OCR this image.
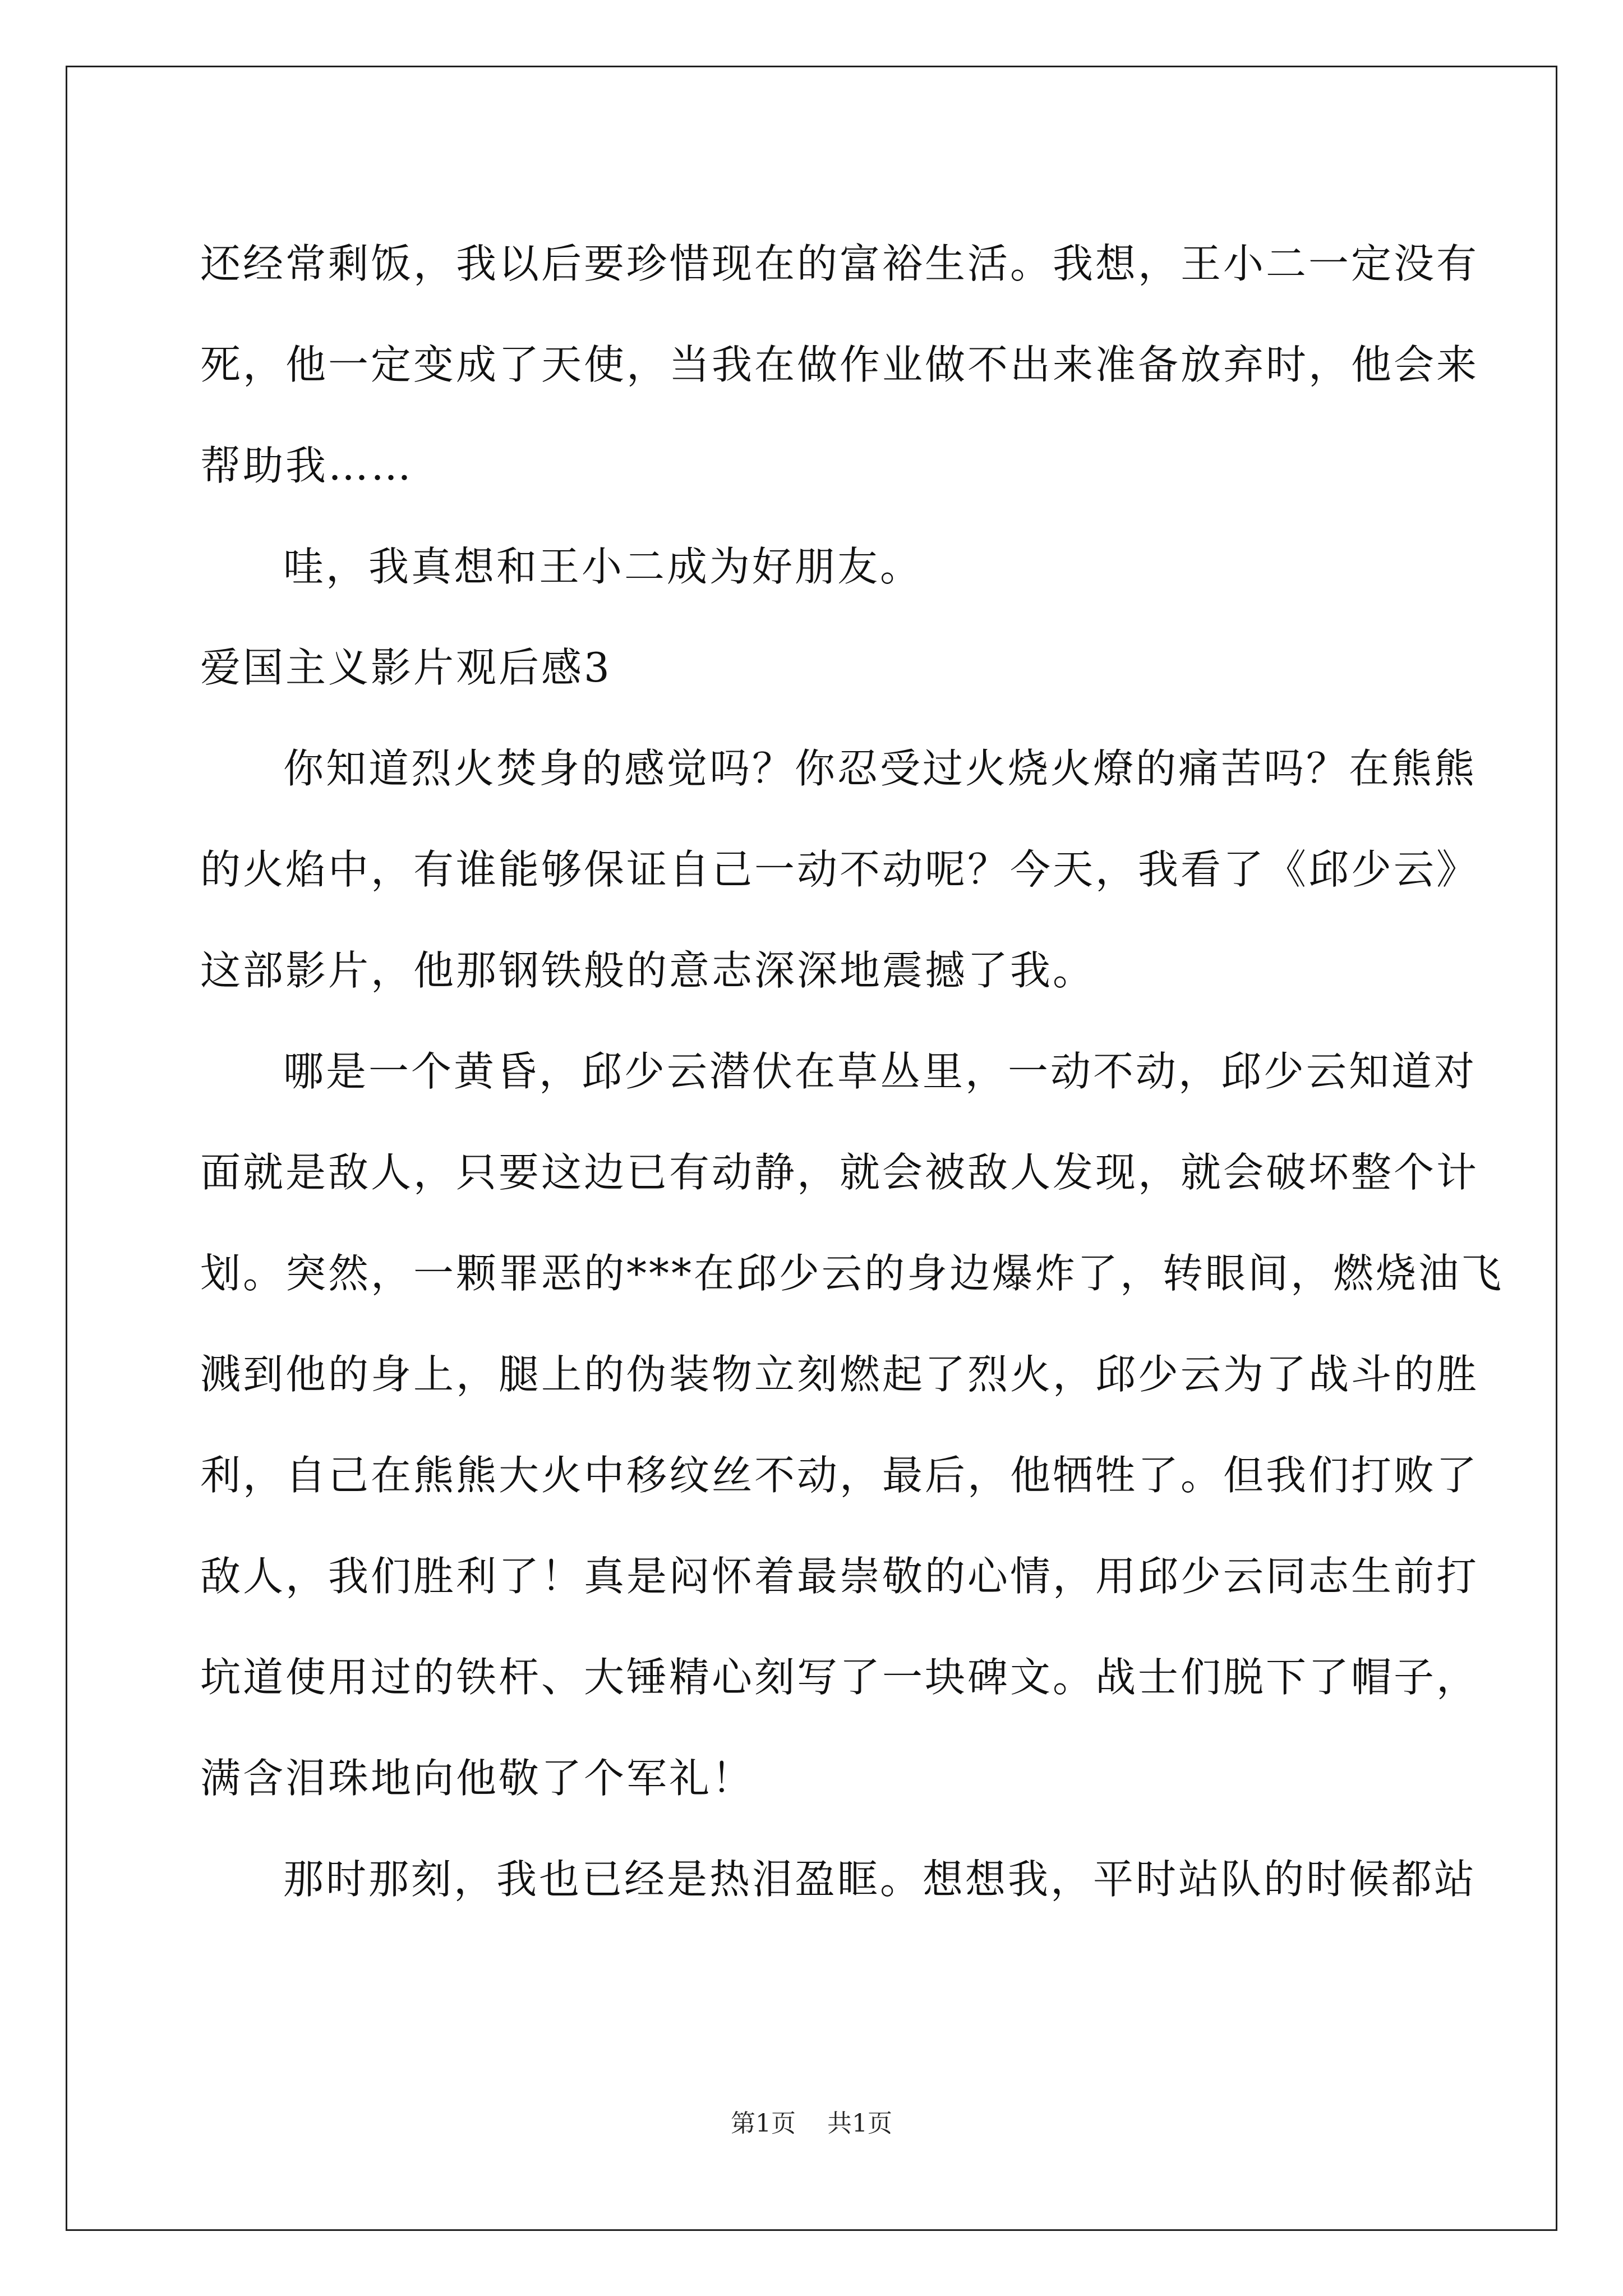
还经常剩饭，我以后要珍惜现在的富裕生活。我想，王小二一定没有
死，他一定变成了天使，当我在做作业做不出来准备放弃时，他会来
帮助我……
哇，我真想和王小二成为好朋友。
爱国主义影片观后感3
你知道烈火焚身的感觉吗？你忍受过火烧火燎的痛苦吗？在熊熊
的火焰中，有谁能够保证自己一动不动呢？今天，我看了《邱少云》
这部影片，他那钢铁般的意志深深地震撼了我。
哪是一个黄昏，邱少云潜伏在草丛里，一动不动，邱少云知道对
面就是敌人，只要这边已有动静，就会被敌人发现，就会破坏整个计
划。突然，一颗罪恶的***在邱少云的身边爆炸了，转眼间，燃烧油飞
溅到他的身上，腿上的伪装物立刻燃起了烈火，邱少云为了战斗的胜
利，自己在熊熊大火中移纹丝不动，最后，他牺牲了。但我们打败了
敌人，我们胜利了！真是闷怀着最崇敬的心情，用邱少云同志生前打
坑道使用过的铁杆、大锤精心刻写了一块碑文。战士们脱下了帽子，
满含泪珠地向他敬了个军礼！
那时那刻，我也已经是热泪盈眶。想想我，平时站队的时候都站
第1页 共1页
